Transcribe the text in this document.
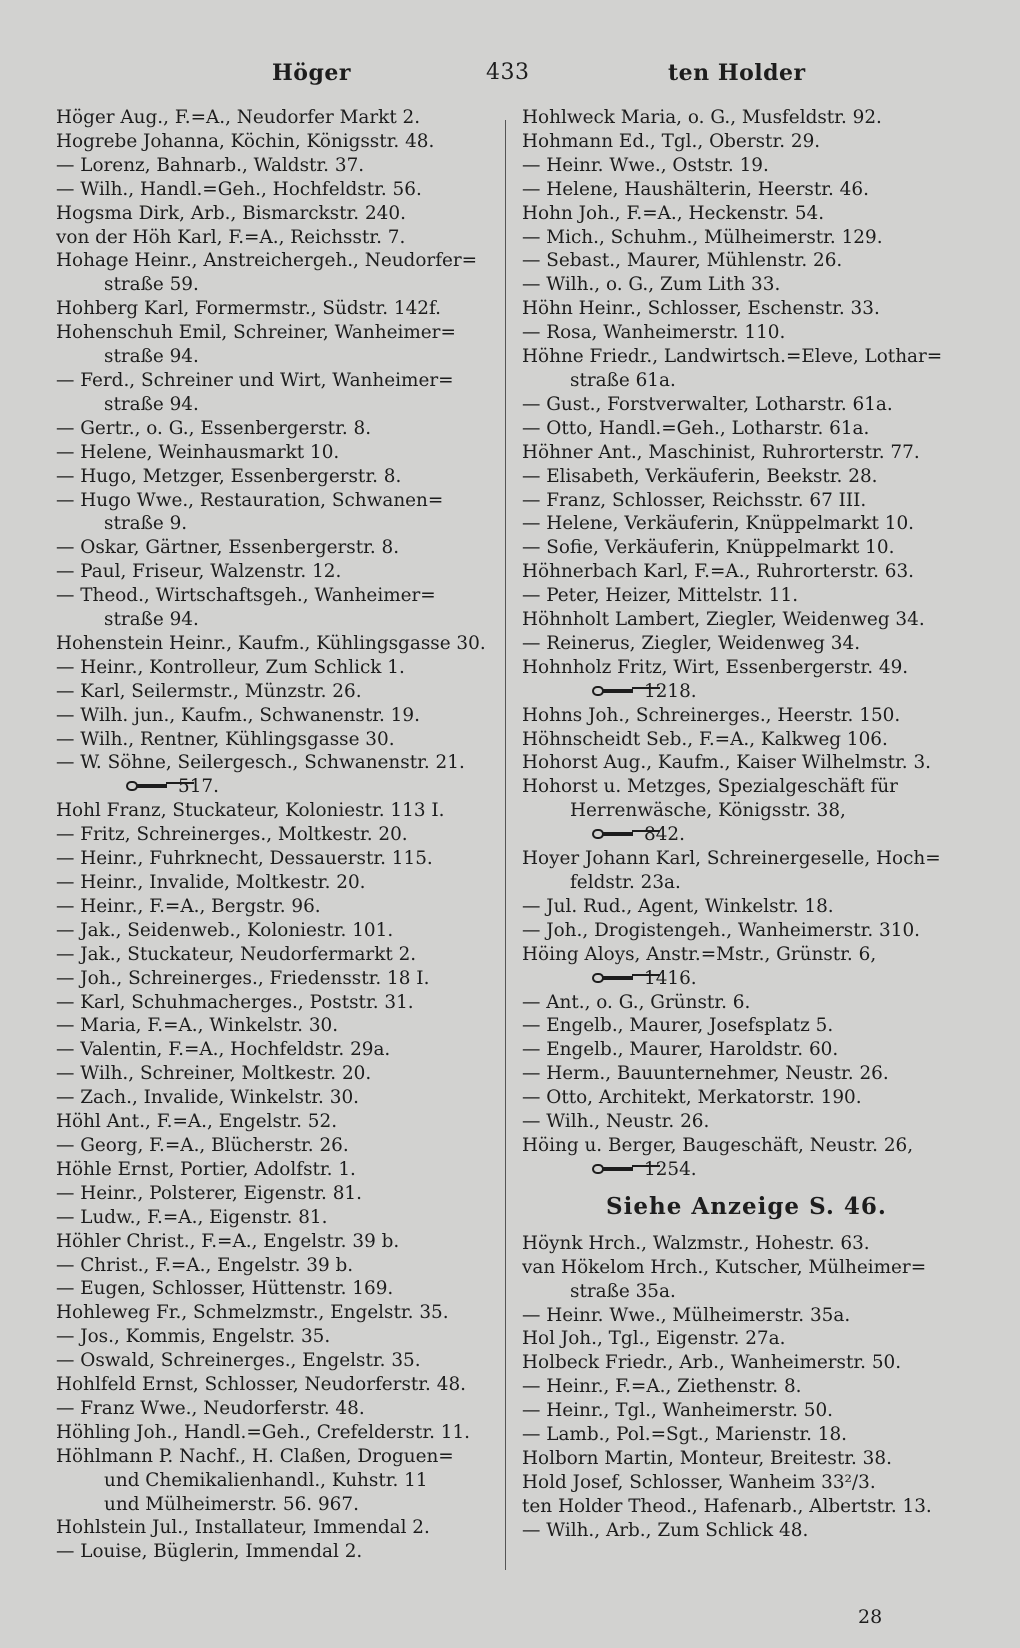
Höger	433	ten Holder
Höger Aug., F.=A., Neudorfer Markt 2.
Hogrebe Johanna, Köchin, Königsstr. 48.
— Lorenz, Bahnarb., Waldstr. 37.
— Wilh., Handl.=Geh., Hochfeldstr. 56.
Hogsma Dirk, Arb., Bismarckstr. 240.
von der Höh Karl, F.=A., Reichsstr. 7.
Hohage Heinr., Anstreichergeh., Neudorfer=
straße 59.
Hohberg Karl, Formermstr., Südstr. 142f.
Hohenschuh Emil, Schreiner, Wanheimer=
straße 94.
— Ferd., Schreiner und Wirt, Wanheimer=
straße 94.
— Gertr., o. G., Essenbergerstr. 8.
— Helene, Weinhausmarkt 10.
— Hugo, Metzger, Essenbergerstr. 8.
— Hugo Wwe., Restauration, Schwanen=
straße 9.
— Oskar, Gärtner, Essenbergerstr. 8.
— Paul, Friseur, Walzenstr. 12.
— Theod., Wirtschaftsgeh., Wanheimer=
straße 94.
Hohenstein Heinr., Kaufm., Kühlingsgasse 30.
— Heinr., Kontrolleur, Zum Schlick 1.
— Karl, Seilermstr., Münzstr. 26.
— Wilh. jun., Kaufm., Schwanenstr. 19.
— Wilh., Rentner, Kühlingsgasse 30.
— W. Söhne, Seilergesch., Schwanenstr. 21.
517.
Hohl Franz, Stuckateur, Koloniestr. 113 I.
— Fritz, Schreinerges., Moltkestr. 20.
— Heinr., Fuhrknecht, Dessauerstr. 115.
— Heinr., Invalide, Moltkestr. 20.
— Heinr., F.=A., Bergstr. 96.
— Jak., Seidenweb., Koloniestr. 101.
— Jak., Stuckateur, Neudorfermarkt 2.
— Joh., Schreinerges., Friedensstr. 18 I.
— Karl, Schuhmacherges., Poststr. 31.
— Maria, F.=A., Winkelstr. 30.
— Valentin, F.=A., Hochfeldstr. 29a.
— Wilh., Schreiner, Moltkestr. 20.
— Zach., Invalide, Winkelstr. 30.
Höhl Ant., F.=A., Engelstr. 52.
— Georg, F.=A., Blücherstr. 26.
Höhle Ernst, Portier, Adolfstr. 1.
— Heinr., Polsterer, Eigenstr. 81.
— Ludw., F.=A., Eigenstr. 81.
Höhler Christ., F.=A., Engelstr. 39 b.
— Christ., F.=A., Engelstr. 39 b.
— Eugen, Schlosser, Hüttenstr. 169.
Hohleweg Fr., Schmelzmstr., Engelstr. 35.
— Jos., Kommis, Engelstr. 35.
— Oswald, Schreinerges., Engelstr. 35.
Hohlfeld Ernst, Schlosser, Neudorferstr. 48.
— Franz Wwe., Neudorferstr. 48.
Höhling Joh., Handl.=Geh., Crefelderstr. 11.
Höhlmann P. Nachf., H. Claßen, Droguen=
und Chemikalienhandl., Kuhstr. 11
und Mülheimerstr. 56. 967.
Hohlstein Jul., Installateur, Immendal 2.
— Louise, Büglerin, Immendal 2.
Hohlweck Maria, o. G., Musfeldstr. 92.
Hohmann Ed., Tgl., Oberstr. 29.
— Heinr. Wwe., Oststr. 19.
— Helene, Haushälterin, Heerstr. 46.
Hohn Joh., F.=A., Heckenstr. 54.
— Mich., Schuhm., Mülheimerstr. 129.
— Sebast., Maurer, Mühlenstr. 26.
— Wilh., o. G., Zum Lith 33.
Höhn Heinr., Schlosser, Eschenstr. 33.
— Rosa, Wanheimerstr. 110.
Höhne Friedr., Landwirtsch.=Eleve, Lothar=
straße 61a.
— Gust., Forstverwalter, Lotharstr. 61a.
— Otto, Handl.=Geh., Lotharstr. 61a.
Höhner Ant., Maschinist, Ruhrorterstr. 77.
— Elisabeth, Verkäuferin, Beekstr. 28.
— Franz, Schlosser, Reichsstr. 67 III.
— Helene, Verkäuferin, Knüppelmarkt 10.
— Sofie, Verkäuferin, Knüppelmarkt 10.
Höhnerbach Karl, F.=A., Ruhrorterstr. 63.
— Peter, Heizer, Mittelstr. 11.
Höhnholt Lambert, Ziegler, Weidenweg 34.
— Reinerus, Ziegler, Weidenweg 34.
Hohnholz Fritz, Wirt, Essenbergerstr. 49.
1218.
Hohns Joh., Schreinerges., Heerstr. 150.
Höhnscheidt Seb., F.=A., Kalkweg 106.
Hohorst Aug., Kaufm., Kaiser Wilhelmstr. 3.
Hohorst u. Metzges, Spezialgeschäft für
Herrenwäsche, Königsstr. 38,
842.
Hoyer Johann Karl, Schreinergeselle, Hoch=
feldstr. 23a.
— Jul. Rud., Agent, Winkelstr. 18.
— Joh., Drogistengeh., Wanheimerstr. 310.
Höing Aloys, Anstr.=Mstr., Grünstr. 6,
1416.
— Ant., o. G., Grünstr. 6.
— Engelb., Maurer, Josefsplatz 5.
— Engelb., Maurer, Haroldstr. 60.
— Herm., Bauunternehmer, Neustr. 26.
— Otto, Architekt, Merkatorstr. 190.
— Wilh., Neustr. 26.
Höing u. Berger, Baugeschäft, Neustr. 26,
1254.
Siehe Anzeige S. 46.
Höynk Hrch., Walzmstr., Hohestr. 63.
van Hökelom Hrch., Kutscher, Mülheimer=
straße 35a.
— Heinr. Wwe., Mülheimerstr. 35a.
Hol Joh., Tgl., Eigenstr. 27a.
Holbeck Friedr., Arb., Wanheimerstr. 50.
— Heinr., F.=A., Ziethenstr. 8.
— Heinr., Tgl., Wanheimerstr. 50.
— Lamb., Pol.=Sgt., Marienstr. 18.
Holborn Martin, Monteur, Breitestr. 38.
Hold Josef, Schlosser, Wanheim 33²/3.
ten Holder Theod., Hafenarb., Albertstr. 13.
— Wilh., Arb., Zum Schlick 48.
28
